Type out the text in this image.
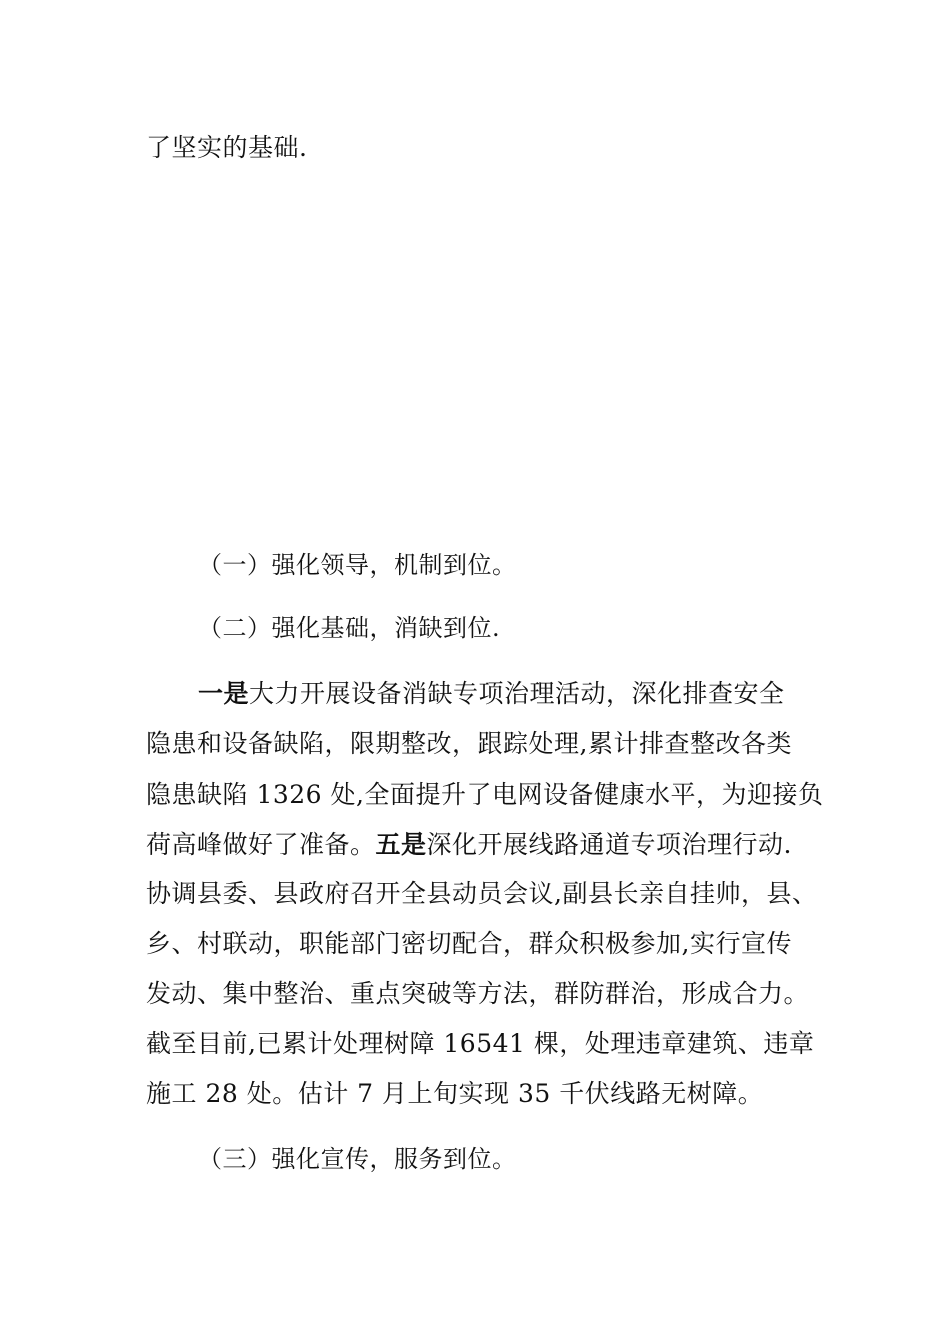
了坚实的基础.
（一）强化领导，机制到位。
（二）强化基础，消缺到位.
一是大力开展设备消缺专项治理活动，深化排查安全
隐患和设备缺陷，限期整改，跟踪处理,累计排查整改各类
隐患缺陷 1326 处,全面提升了电网设备健康水平，为迎接负
荷高峰做好了准备。五是深化开展线路通道专项治理行动.
协调县委、县政府召开全县动员会议,副县长亲自挂帅，县、
乡、村联动，职能部门密切配合，群众积极参加,实行宣传
发动、集中整治、重点突破等方法，群防群治，形成合力。
截至目前,已累计处理树障 16541 棵，处理违章建筑、违章
施工 28 处。估计 7 月上旬实现 35 千伏线路无树障。
（三）强化宣传，服务到位。
